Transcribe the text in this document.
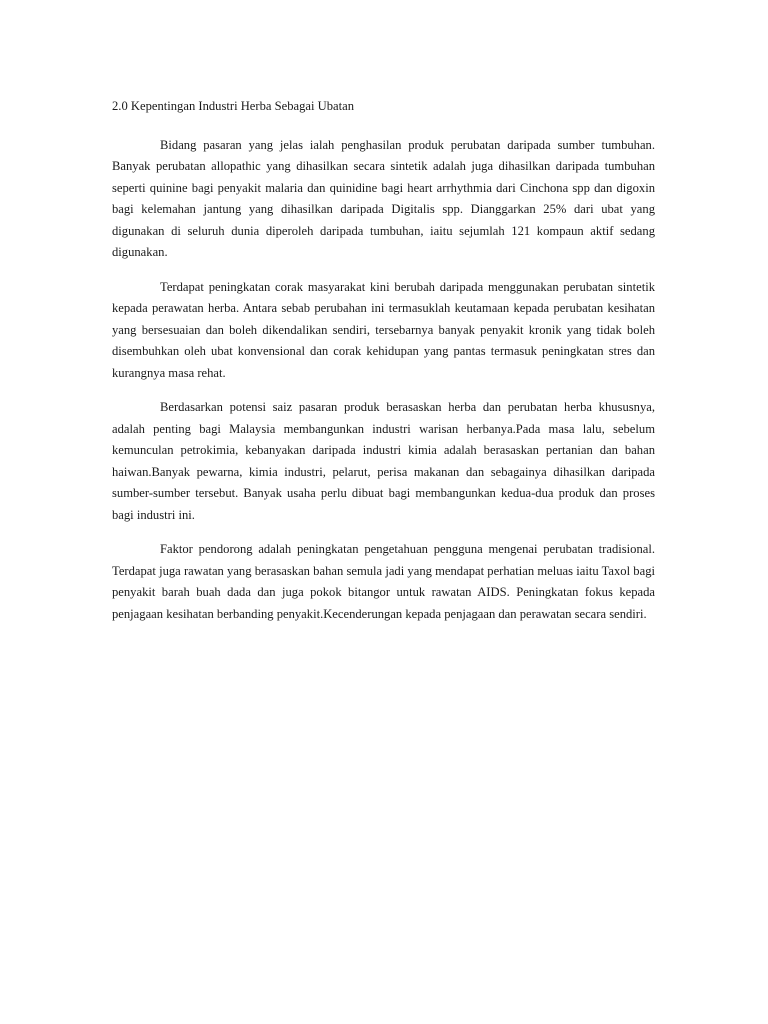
2.0 Kepentingan Industri Herba Sebagai Ubatan

Bidang pasaran yang jelas ialah penghasilan produk perubatan daripada sumber tumbuhan. Banyak perubatan allopathic yang dihasilkan secara sintetik adalah juga dihasilkan daripada tumbuhan seperti quinine bagi penyakit malaria dan quinidine bagi heart arrhythmia dari Cinchona spp dan digoxin bagi kelemahan jantung yang dihasilkan daripada Digitalis spp. Dianggarkan 25% dari ubat yang digunakan di seluruh dunia diperoleh daripada tumbuhan, iaitu sejumlah 121 kompaun aktif sedang digunakan.

Terdapat peningkatan corak masyarakat kini berubah daripada menggunakan perubatan sintetik kepada perawatan herba. Antara sebab perubahan ini termasuklah keutamaan kepada perubatan kesihatan yang bersesuaian dan boleh dikendalikan sendiri, tersebarnya banyak penyakit kronik yang tidak boleh disembuhkan oleh ubat konvensional dan corak kehidupan yang pantas termasuk peningkatan stres dan kurangnya masa rehat.

Berdasarkan potensi saiz pasaran produk berasaskan herba dan perubatan herba khususnya, adalah penting bagi Malaysia membangunkan industri warisan herbanya.Pada masa lalu, sebelum kemunculan petrokimia, kebanyakan daripada industri kimia adalah berasaskan pertanian dan bahan haiwan.Banyak pewarna, kimia industri, pelarut, perisa makanan dan sebagainya dihasilkan daripada sumber-sumber tersebut. Banyak usaha perlu dibuat bagi membangunkan kedua-dua produk dan proses bagi industri ini.

Faktor pendorong adalah peningkatan pengetahuan pengguna mengenai perubatan tradisional. Terdapat juga rawatan yang berasaskan bahan semula jadi yang mendapat perhatian meluas iaitu Taxol bagi penyakit barah buah dada dan juga pokok bitangor untuk rawatan AIDS. Peningkatan fokus kepada penjagaan kesihatan berbanding penyakit.Kecenderungan kepada penjagaan dan perawatan secara sendiri.
